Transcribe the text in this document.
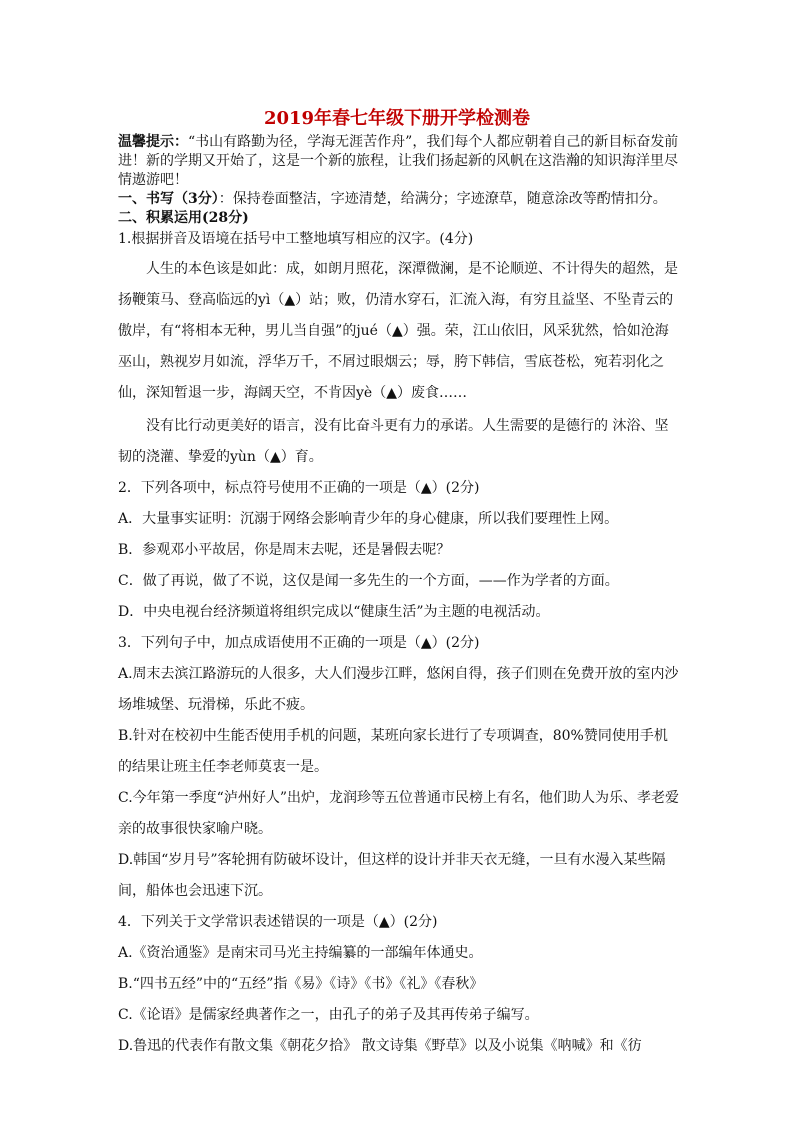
2019年春七年级下册开学检测卷

温馨提示：“书山有路勤为径，学海无涯苦作舟”，我们每个人都应朝着自己的新目标奋发前进！新的学期又开始了，这是一个新的旅程，让我们扬起新的风帆在这浩瀚的知识海洋里尽情遨游吧！

一、书写（3分）：保持卷面整洁，字迹清楚，给满分；字迹潦草，随意涂改等酌情扣分。

二、积累运用(28分)

1.根据拼音及语境在括号中工整地填写相应的汉字。(4分)

人生的本色该是如此：成，如朗月照花，深潭微澜，是不论顺逆、不计得失的超然，是扬鞭策马、登高临远的yì（▲）站；败，仍清水穿石，汇流入海，有穷且益坚、不坠青云的傲岸，有“将相本无种，男儿当自强”的jué（▲）强。荣，江山依旧，风采犹然，恰如沧海巫山，熟视岁月如流，浮华万千，不屑过眼烟云；辱，胯下韩信，雪底苍松，宛若羽化之仙，深知暂退一步，海阔天空，不肯因yè（▲）废食……

没有比行动更美好的语言，没有比奋斗更有力的承诺。人生需要的是德行的 沐浴、坚韧的浇灌、挚爱的yùn（▲）育。

2．下列各项中，标点符号使用不正确的一项是（▲）(2分)

A．大量事实证明：沉溺于网络会影响青少年的身心健康，所以我们要理性上网。

B．参观邓小平故居，你是周末去呢，还是暑假去呢？

C．做了再说，做了不说，这仅是闻一多先生的一个方面，——作为学者的方面。

D．中央电视台经济频道将组织完成以“健康生活”为主题的电视活动。

3．下列句子中，加点成语使用不正确的一项是（▲）(2分)

A.周末去滨江路游玩的人很多，大人们漫步江畔，悠闲自得，孩子们则在免费开放的室内沙场堆城堡、玩滑梯，乐此不疲。

B.针对在校初中生能否使用手机的问题，某班向家长进行了专项调查，80%赞同使用手机的结果让班主任李老师莫衷一是。

C.今年第一季度“泸州好人”出炉，龙润珍等五位普通市民榜上有名，他们助人为乐、孝老爱亲的故事很快家喻户晓。

D.韩国“岁月号”客轮拥有防破坏设计，但这样的设计并非天衣无缝，一旦有水漫入某些隔间，船体也会迅速下沉。

4．下列关于文学常识表述错误的一项是（▲）(2分)

A.《资治通鉴》是南宋司马光主持编纂的一部编年体通史。

B.“四书五经”中的“五经”指《易》《诗》《书》《礼》《春秋》

C.《论语》是儒家经典著作之一，由孔子的弟子及其再传弟子编写。

D.鲁迅的代表作有散文集《朝花夕拾》 散文诗集《野草》以及小说集《呐喊》和《彷
